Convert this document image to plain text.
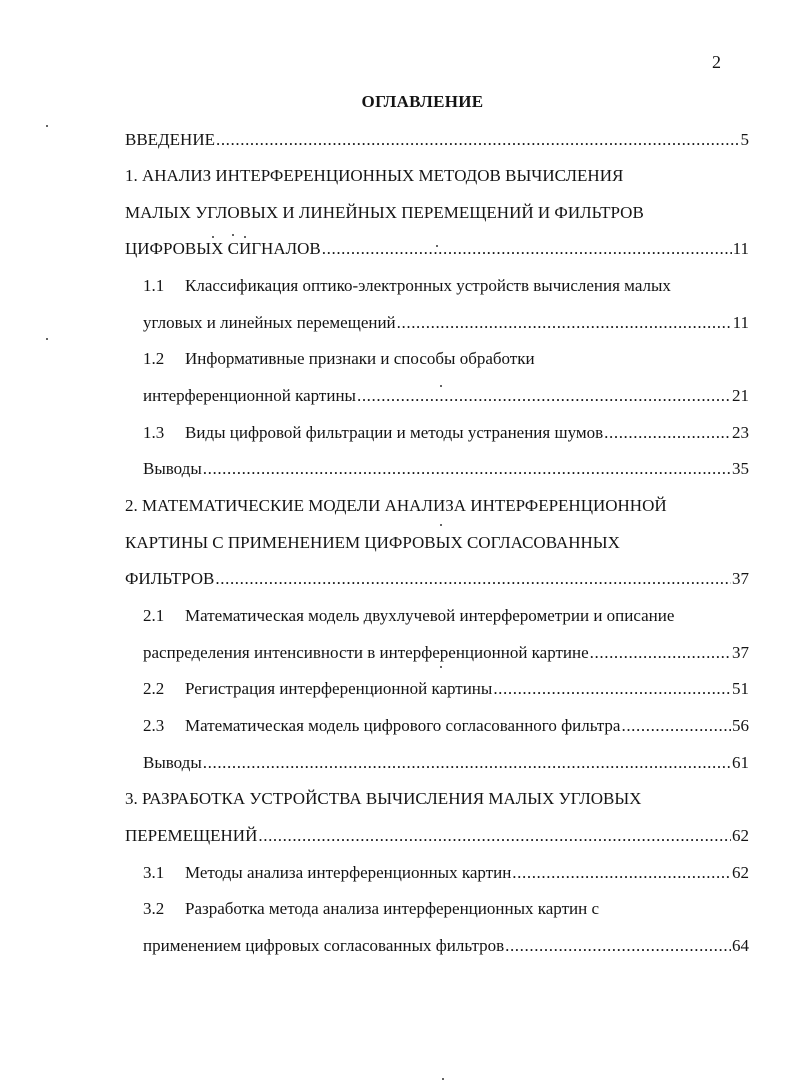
2
ОГЛАВЛЕНИЕ
ВВЕДЕНИЕ .....	5
1. АНАЛИЗ ИНТЕРФЕРЕНЦИОННЫХ МЕТОДОВ ВЫЧИСЛЕНИЯ
МАЛЫХ УГЛОВЫХ И ЛИНЕЙНЫХ ПЕРЕМЕЩЕНИЙ И ФИЛЬТРОВ
ЦИФРОВЫХ СИГНАЛОВ .....	11
1.1 Классификация оптико-электронных устройств вычисления малых
угловых и линейных перемещений .....	11
1.2 Информативные признаки и способы обработки
интерференционной картины .....	21
1.3 Виды цифровой фильтрации и методы устранения шумов .....	23
Выводы .....	35
2. МАТЕМАТИЧЕСКИЕ МОДЕЛИ АНАЛИЗА ИНТЕРФЕРЕНЦИОННОЙ
КАРТИНЫ С ПРИМЕНЕНИЕМ ЦИФРОВЫХ СОГЛАСОВАННЫХ
ФИЛЬТРОВ .....	37
2.1 Математическая модель двухлучевой интерферометрии и описание
распределения интенсивности в интерференционной картине .....	37
2.2 Регистрация интерференционной картины .....	51
2.3 Математическая модель цифрового согласованного фильтра .....	56
Выводы .....	61
3. РАЗРАБОТКА УСТРОЙСТВА ВЫЧИСЛЕНИЯ МАЛЫХ УГЛОВЫХ
ПЕРЕМЕЩЕНИЙ .....	62
3.1 Методы анализа интерференционных картин .....	62
3.2 Разработка метода анализа интерференционных картин с
применением цифровых согласованных фильтров .....	64
